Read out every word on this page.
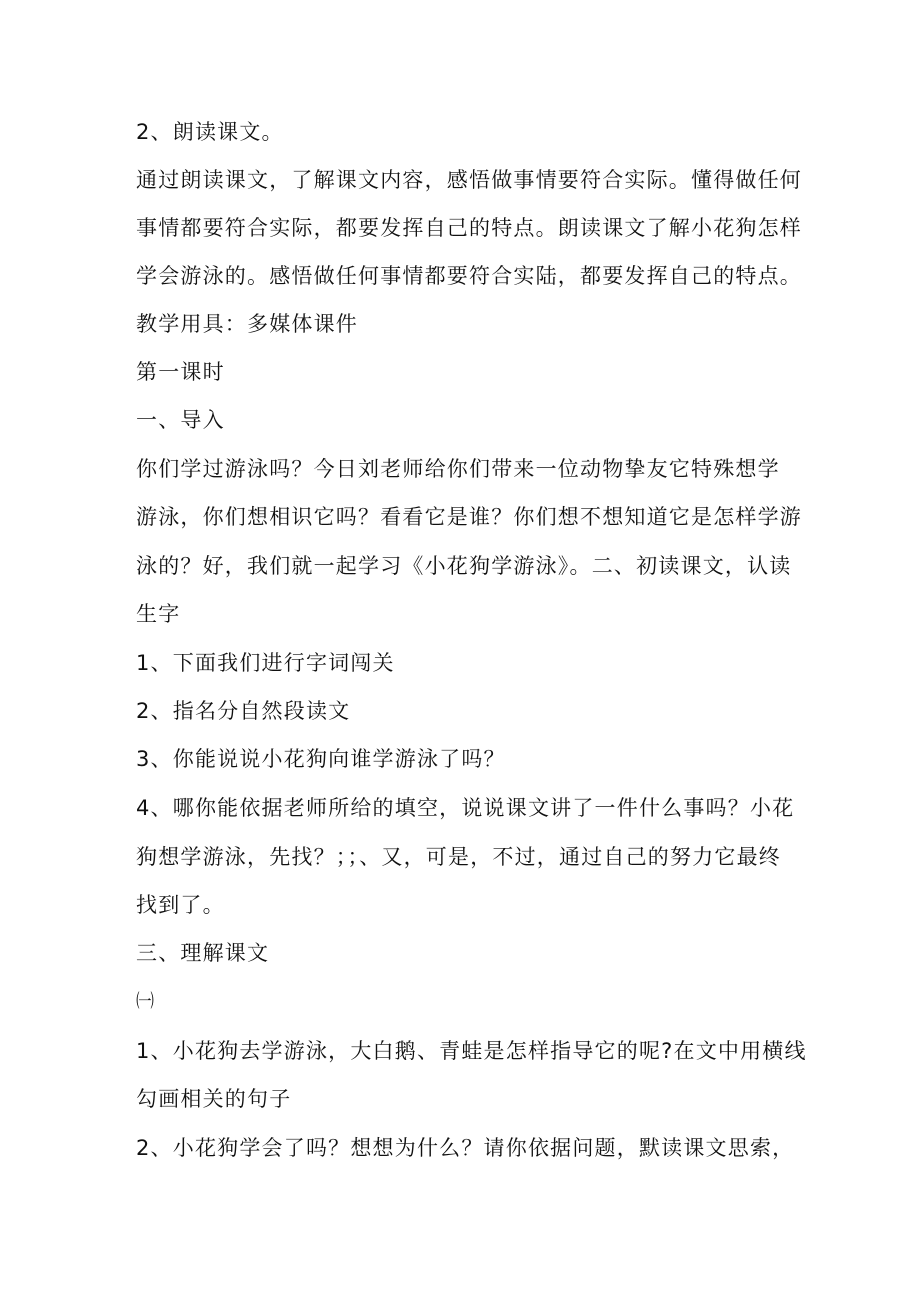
2、朗读课文。
通过朗读课文，了解课文内容，感悟做事情要符合实际。懂得做任何
事情都要符合实际，都要发挥自己的特点。朗读课文了解小花狗怎样
学会游泳的。感悟做任何事情都要符合实陆，都要发挥自己的特点。
教学用具：多媒体课件
第一课时
一、导入
你们学过游泳吗？今日刘老师给你们带来一位动物挚友它特殊想学
游泳，你们想相识它吗？看看它是谁？你们想不想知道它是怎样学游
泳的？好，我们就一起学习《小花狗学游泳》。二、初读课文，认读
生字
1、下面我们进行字词闯关
2、指名分自然段读文
3、你能说说小花狗向谁学游泳了吗？
4、哪你能依据老师所给的填空，说说课文讲了一件什么事吗？小花
狗想学游泳，先找？；；、又，可是，不过，通过自己的努力它最终
找到了。
三、理解课文
㈠
1、小花狗去学游泳，大白鹅、青蛙是怎样指导它的呢?在文中用横线
勾画相关的句子
2、小花狗学会了吗？想想为什么？请你依据问题，默读课文思索，
